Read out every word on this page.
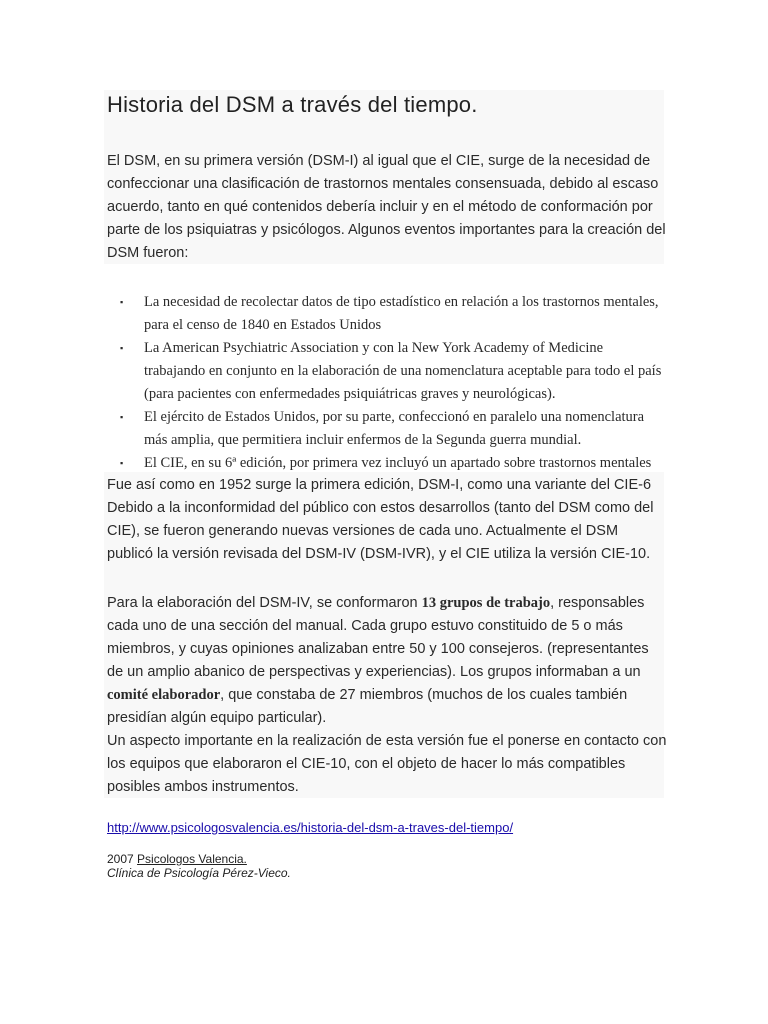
Historia del DSM a través del tiempo.

El DSM, en su primera versión (DSM-I) al igual que el CIE, surge de la necesidad de confeccionar una clasificación de trastornos mentales consensuada, debido al escaso acuerdo, tanto en qué contenidos debería incluir y en el método de conformación por parte de los psiquiatras y psicólogos. Algunos eventos importantes para la creación del DSM fueron:

▪ La necesidad de recolectar datos de tipo estadístico en relación a los trastornos mentales, para el censo de 1840 en Estados Unidos
▪ La American Psychiatric Association y con la New York Academy of Medicine trabajando en conjunto en la elaboración de una nomenclatura aceptable para todo el país (para pacientes con enfermedades psiquiátricas graves y neurológicas).
▪ El ejército de Estados Unidos, por su parte, confeccionó en paralelo una nomenclatura más amplia, que permitiera incluir enfermos de la Segunda guerra mundial.
▪ El CIE, en su 6ª edición, por primera vez incluyó un apartado sobre trastornos mentales

Fue así como en 1952 surge la primera edición, DSM-I, como una variante del CIE-6

Debido a la inconformidad del público con estos desarrollos (tanto del DSM como del CIE), se fueron generando nuevas versiones de cada uno. Actualmente el DSM publicó la versión revisada del DSM-IV (DSM-IVR), y el CIE utiliza la versión CIE-10.

Para la elaboración del DSM-IV, se conformaron 13 grupos de trabajo, responsables cada uno de una sección del manual. Cada grupo estuvo constituido de 5 o más miembros, y cuyas opiniones analizaban entre 50 y 100 consejeros. (representantes de un amplio abanico de perspectivas y experiencias). Los grupos informaban a un comité elaborador, que constaba de 27 miembros (muchos de los cuales también presidían algún equipo particular).

Un aspecto importante en la realización de esta versión fue el ponerse en contacto con los equipos que elaboraron el CIE-10, con el objeto de hacer lo más compatibles posibles ambos instrumentos.

http://www.psicologosvalencia.es/historia-del-dsm-a-traves-del-tiempo/
2007 Psicologos Valencia.
Clínica de Psicología Pérez-Vieco.
